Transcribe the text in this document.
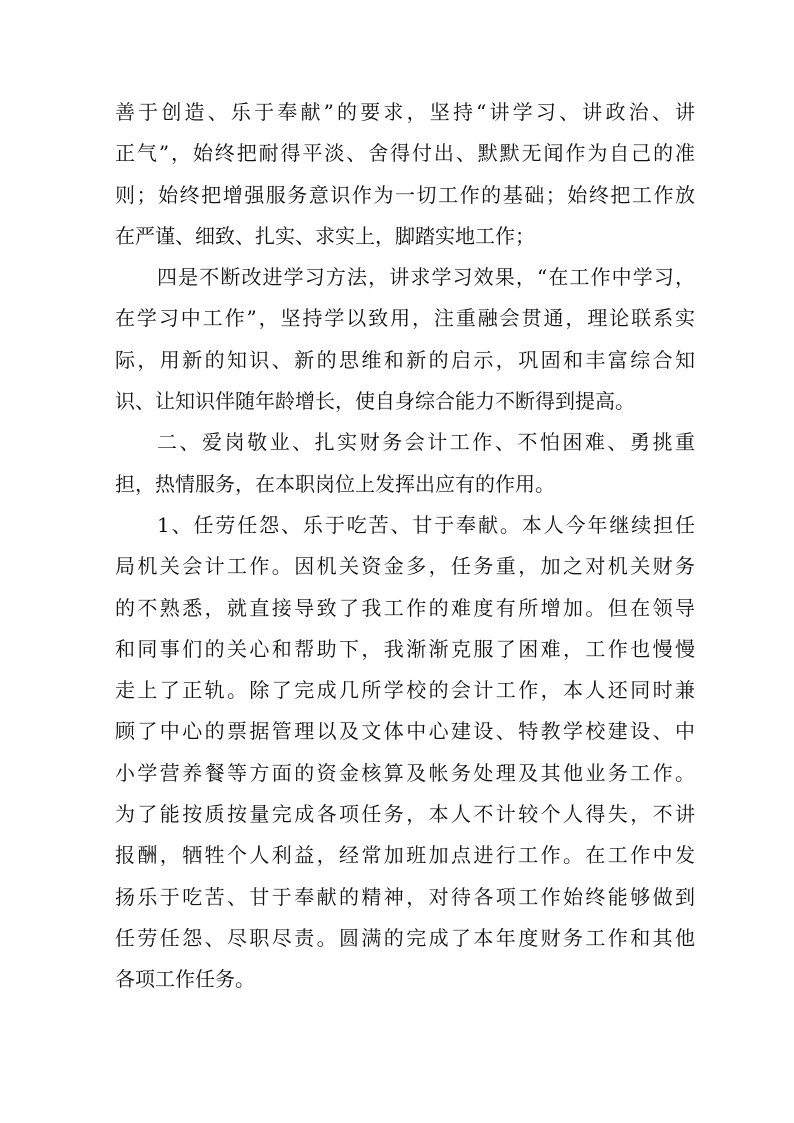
善于创造、乐于奉献”的要求，坚持“讲学习、讲政治、讲
正气”，始终把耐得平淡、舍得付出、默默无闻作为自己的准
则；始终把增强服务意识作为一切工作的基础；始终把工作放
在严谨、细致、扎实、求实上，脚踏实地工作；
四是不断改进学习方法，讲求学习效果，“在工作中学习，
在学习中工作”，坚持学以致用，注重融会贯通，理论联系实
际，用新的知识、新的思维和新的启示，巩固和丰富综合知
识、让知识伴随年龄增长，使自身综合能力不断得到提高。
二、爱岗敬业、扎实财务会计工作、不怕困难、勇挑重
担，热情服务，在本职岗位上发挥出应有的作用。
1、任劳任怨、乐于吃苦、甘于奉献。本人今年继续担任
局机关会计工作。因机关资金多，任务重，加之对机关财务
的不熟悉，就直接导致了我工作的难度有所增加。但在领导
和同事们的关心和帮助下，我渐渐克服了困难，工作也慢慢
走上了正轨。除了完成几所学校的会计工作，本人还同时兼
顾了中心的票据管理以及文体中心建设、特教学校建设、中
小学营养餐等方面的资金核算及帐务处理及其他业务工作。
为了能按质按量完成各项任务，本人不计较个人得失，不讲
报酬，牺牲个人利益，经常加班加点进行工作。在工作中发
扬乐于吃苦、甘于奉献的精神，对待各项工作始终能够做到
任劳任怨、尽职尽责。圆满的完成了本年度财务工作和其他
各项工作任务。
